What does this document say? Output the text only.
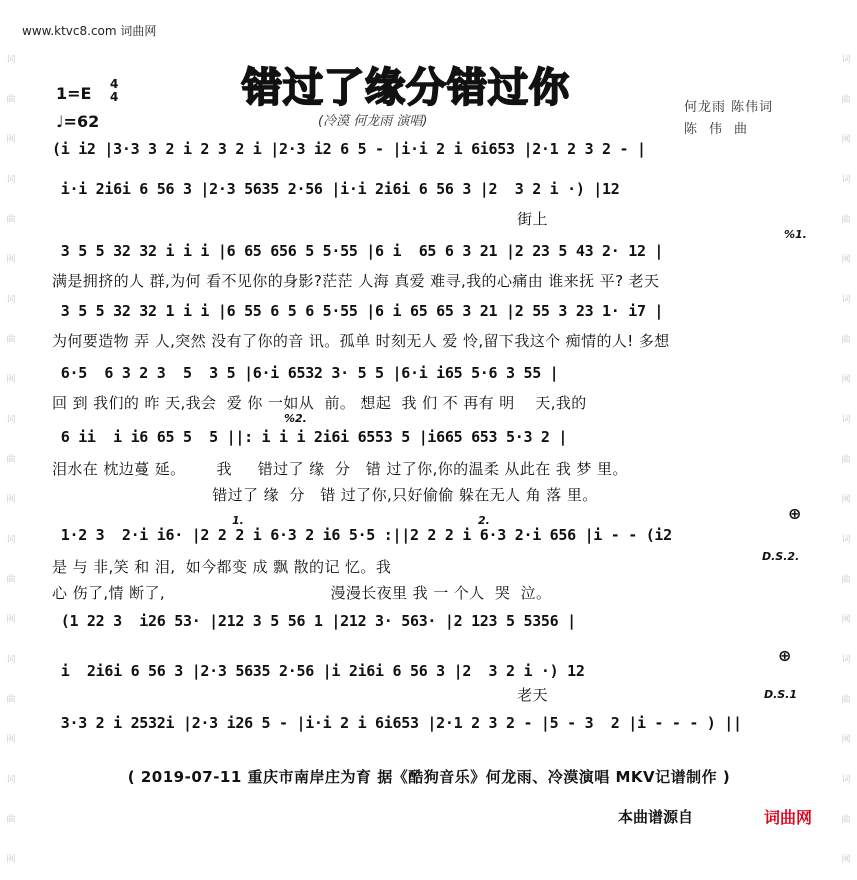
www.ktvc8.com 词曲网
词
曲
网
词
曲
网
词
曲
网
词
曲
网
词
曲
网
词
曲
网
词
曲
网
词
曲
网
词
曲
网
词
曲
网
词
曲
网
词
曲
网
词
曲
网
词
曲
网
错过了缘分错过你
1=E 4
4
♩=62	(冷漠 何龙雨 演唱)
何龙雨 陈伟词
陈伟曲
(i i2 |3·3 3 2 i 2 3 2 i |2·3 i2 6 5 - |i·i 2 i 6i653 |2·1 2 3 2 - |
i·i 2i6i 6 56 3 |2·3 5635 2·56 |i·i 2i6i 6 56 3 |2  3 2 i ·) |12
街上
%1.
3 5 5 32 32 i i i |6 65 656 5 5·55 |6 i  65 6 3 21 |2 23 5 43 2· 12 |
满是拥挤的人 群,为何 看不见你的身影?茫茫 人海 真爱 难寻,我的心痛由 谁来抚 平? 老天
3 5 5 32 32 1 i i |6 55 6 5 6 5·55 |6 i 65 65 3 21 |2 55 3 23 1· i7 |
为何要造物 弄 人,突然 没有了你的音 讯。孤单 时刻无人 爱 怜,留下我这个 痴情的人! 多想
6·5  6 3 2 3  5  3 5 |6·i 6532 3· 5 5 |6·i i65 5·6 3 55 |
回 到 我们的 昨 天,我会  爱 你 一如从  前。 想起  我 们 不 再有 明    天,我的
%2.
6 ii  i i6 65 5  5 ||: i i i 2i6i 6553 5 |i665 653 5·3 2 |
泪水在 枕边蔓 延。      我     错过了 缘  分   错 过了你,你的温柔 从此在 我 梦 里。
错过了 缘  分   错 过了你,只好偷偷 躲在无人 角 落 里。
1.	2.	⊕
1·2 3  2·i i6· |2 2 2 i 6·3 2 i6 5·5 :||2 2 2 i 6·3 2·i 656 |i - - (i2
D.S.2.
是 与 非,笑 和 泪,  如今都变 成 飘 散的记 忆。我
心 伤了,情 断了,                                漫漫长夜里 我 一 个人  哭  泣。
(1 22 3  i26 53· |212 3 5 56 1 |212 3· 563· |2 123 5 5356 |
⊕
i  2i6i 6 56 3 |2·3 5635 2·56 |i 2i6i 6 56 3 |2  3 2 i ·) 12
D.S.1
老天
3·3 2 i 2532i |2·3 i26 5 - |i·i 2 i 6i653 |2·1 2 3 2 - |5 - 3  2 |i - - - ) ||
( 2019-07-11 重庆市南岸庄为育 据《酷狗音乐》何龙雨、冷漠演唱 MKV记谱制作 )
本曲谱源自	词曲网
